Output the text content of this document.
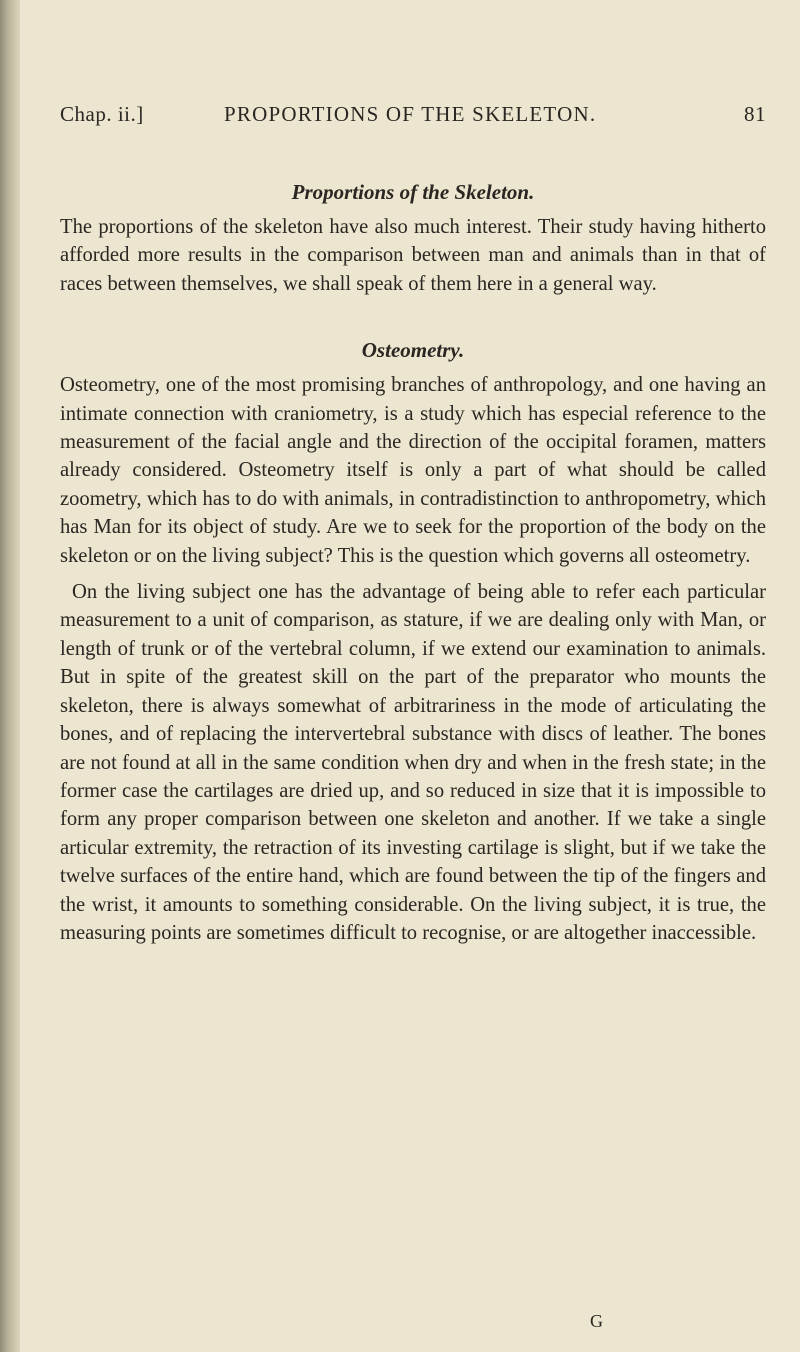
Chap. ii.]	PROPORTIONS OF THE SKELETON.	81
Proportions of the Skeleton.

The proportions of the skeleton have also much interest. Their study having hitherto afforded more results in the comparison between man and animals than in that of races between themselves, we shall speak of them here in a general way.

Osteometry.

Osteometry, one of the most promising branches of anthropology, and one having an intimate connection with craniometry, is a study which has especial reference to the measurement of the facial angle and the direction of the occipital foramen, matters already considered. Osteometry itself is only a part of what should be called zoometry, which has to do with animals, in contradistinction to anthropometry, which has Man for its object of study. Are we to seek for the proportion of the body on the skeleton or on the living subject? This is the question which governs all osteometry.

On the living subject one has the advantage of being able to refer each particular measurement to a unit of comparison, as stature, if we are dealing only with Man, or length of trunk or of the vertebral column, if we extend our examination to animals. But in spite of the greatest skill on the part of the preparator who mounts the skeleton, there is always somewhat of arbitrariness in the mode of articulating the bones, and of replacing the intervertebral substance with discs of leather. The bones are not found at all in the same condition when dry and when in the fresh state; in the former case the cartilages are dried up, and so reduced in size that it is impossible to form any proper comparison between one skeleton and another. If we take a single articular extremity, the retraction of its investing cartilage is slight, but if we take the twelve surfaces of the entire hand, which are found between the tip of the fingers and the wrist, it amounts to something considerable. On the living subject, it is true, the measuring points are sometimes difficult to recognise, or are altogether inaccessible.

G
